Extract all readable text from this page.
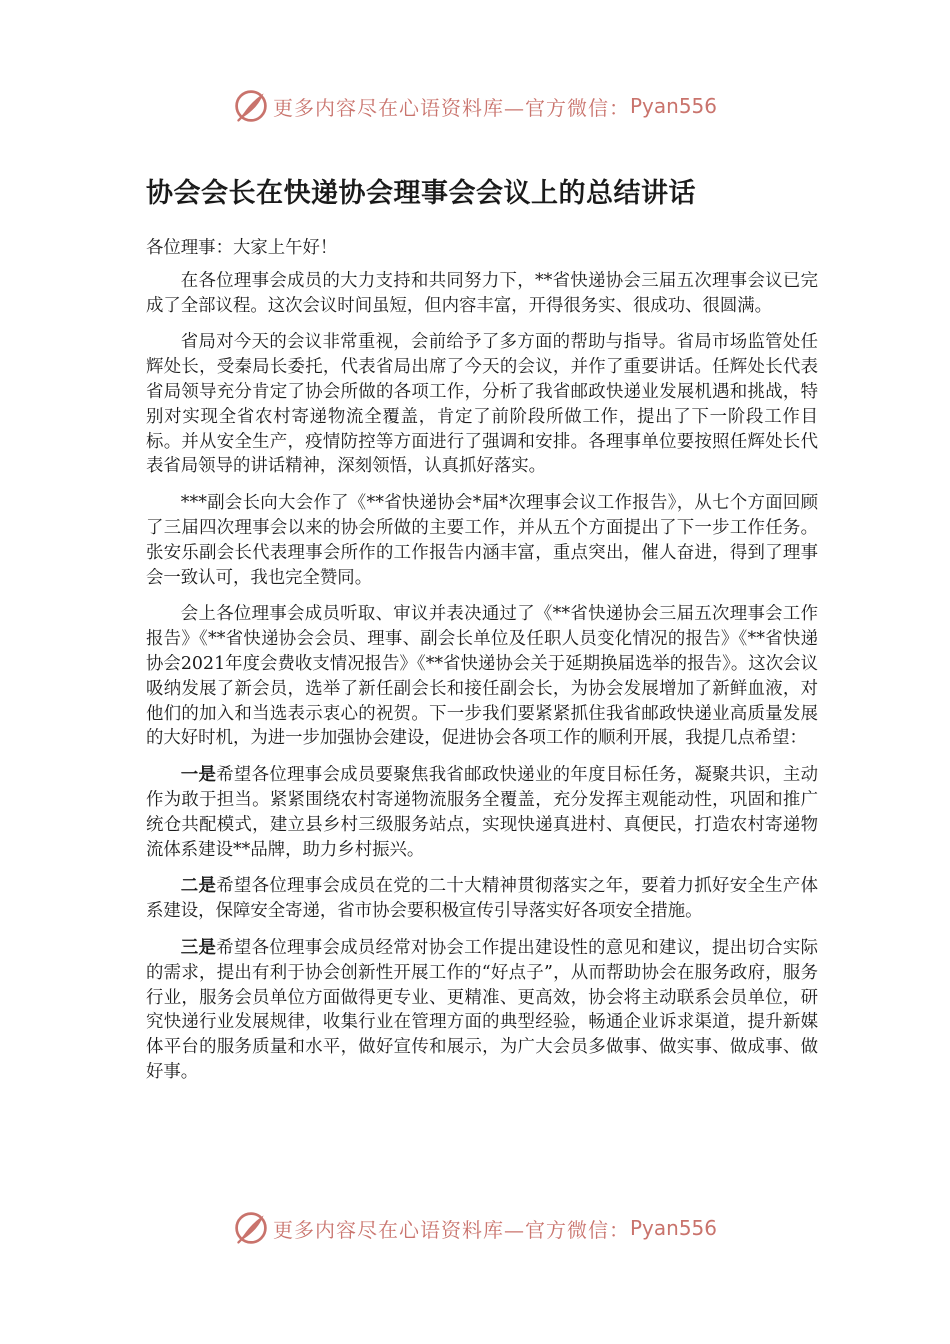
更多内容尽在心语资料库—官方微信： Pyan556
协会会长在快递协会理事会会议上的总结讲话

各位理事：大家上午好！

在各位理事会成员的大力支持和共同努力下，**省快递协会三届五次理事会议已完成了全部议程。这次会议时间虽短，但内容丰富，开得很务实、很成功、很圆满。

省局对今天的会议非常重视，会前给予了多方面的帮助与指导。省局市场监管处任辉处长，受秦局长委托，代表省局出席了今天的会议，并作了重要讲话。任辉处长代表省局领导充分肯定了协会所做的各项工作，分析了我省邮政快递业发展机遇和挑战，特别对实现全省农村寄递物流全覆盖，肯定了前阶段所做工作，提出了下一阶段工作目标。并从安全生产，疫情防控等方面进行了强调和安排。各理事单位要按照任辉处长代表省局领导的讲话精神，深刻领悟，认真抓好落实。

***副会长向大会作了《**省快递协会*届*次理事会议工作报告》，从七个方面回顾了三届四次理事会以来的协会所做的主要工作，并从五个方面提出了下一步工作任务。张安乐副会长代表理事会所作的工作报告内涵丰富，重点突出，催人奋进，得到了理事会一致认可，我也完全赞同。

会上各位理事会成员听取、审议并表决通过了《**省快递协会三届五次理事会工作报告》《**省快递协会会员、理事、副会长单位及任职人员变化情况的报告》《**省快递协会2021年度会费收支情况报告》《**省快递协会关于延期换届选举的报告》。这次会议吸纳发展了新会员，选举了新任副会长和接任副会长，为协会发展增加了新鲜血液，对他们的加入和当选表示衷心的祝贺。下一步我们要紧紧抓住我省邮政快递业高质量发展的大好时机，为进一步加强协会建设，促进协会各项工作的顺利开展，我提几点希望：

一是希望各位理事会成员要聚焦我省邮政快递业的年度目标任务，凝聚共识，主动作为敢于担当。紧紧围绕农村寄递物流服务全覆盖，充分发挥主观能动性，巩固和推广统仓共配模式，建立县乡村三级服务站点，实现快递真进村、真便民，打造农村寄递物流体系建设**品牌，助力乡村振兴。

二是希望各位理事会成员在党的二十大精神贯彻落实之年，要着力抓好安全生产体系建设，保障安全寄递，省市协会要积极宣传引导落实好各项安全措施。

三是希望各位理事会成员经常对协会工作提出建设性的意见和建议，提出切合实际的需求，提出有利于协会创新性开展工作的“好点子”，从而帮助协会在服务政府，服务行业，服务会员单位方面做得更专业、更精准、更高效，协会将主动联系会员单位，研究快递行业发展规律，收集行业在管理方面的典型经验，畅通企业诉求渠道，提升新媒体平台的服务质量和水平，做好宣传和展示，为广大会员多做事、做实事、做成事、做好事。

更多内容尽在心语资料库—官方微信： Pyan556
